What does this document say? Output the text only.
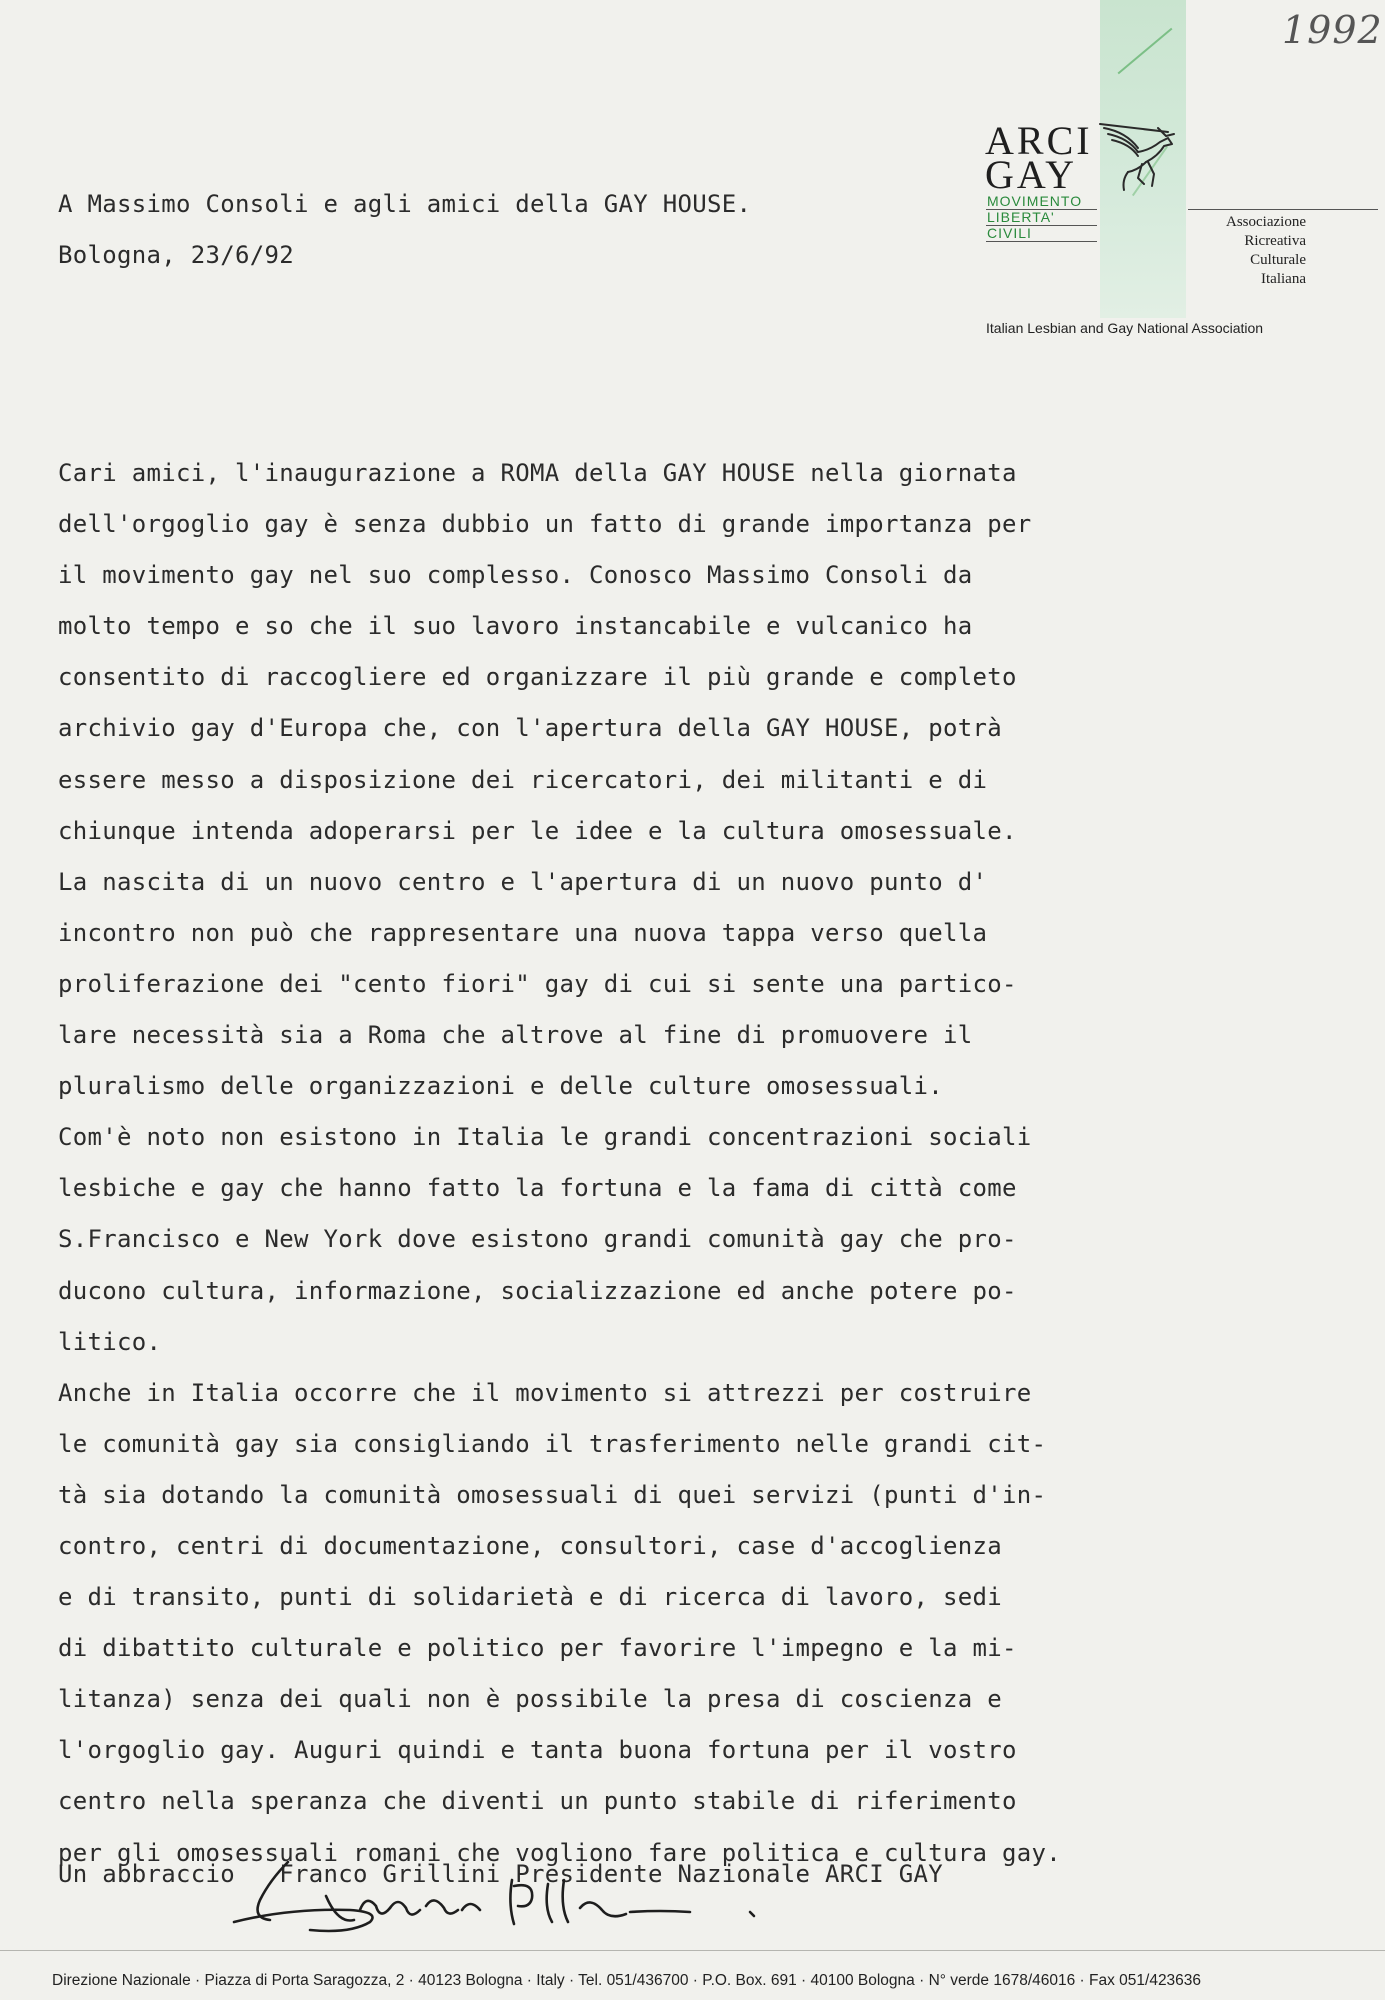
1992
ARCI
GAY
MOVIMENTO
LIBERTA'
CIVILI
Associazione
Ricreativa
Culturale
Italiana
Italian Lesbian and Gay National Association
A Massimo Consoli e agli amici della GAY HOUSE.
Bologna, 23/6/92
Cari amici, l'inaugurazione a ROMA della GAY HOUSE nella giornata
dell'orgoglio gay è senza dubbio un fatto di grande importanza per
il movimento gay nel suo complesso. Conosco Massimo Consoli da
molto tempo e so che il suo lavoro instancabile e vulcanico ha
consentito di raccogliere ed organizzare il più grande e completo
archivio gay d'Europa che, con l'apertura della GAY HOUSE, potrà
essere messo a disposizione dei ricercatori, dei militanti e di
chiunque intenda adoperarsi per le idee e la cultura omosessuale.
La nascita di un nuovo centro e l'apertura di un nuovo punto d'
incontro non può che rappresentare una nuova tappa verso quella
proliferazione dei "cento fiori" gay di cui si sente una partico-
lare necessità sia a Roma che altrove al fine di promuovere il
pluralismo delle organizzazioni e delle culture omosessuali.
Com'è noto non esistono in Italia le grandi concentrazioni sociali
lesbiche e gay che hanno fatto la fortuna e la fama di città come
S.Francisco e New York dove esistono grandi comunità gay che pro-
ducono cultura, informazione, socializzazione ed anche potere po-
litico.
Anche in Italia occorre che il movimento si attrezzi per costruire
le comunità gay sia consigliando il trasferimento nelle grandi cit-
tà sia dotando la comunità omosessuali di quei servizi (punti d'in-
contro, centri di documentazione, consultori, case d'accoglienza
e di transito, punti di solidarietà e di ricerca di lavoro, sedi
di dibattito culturale e politico per favorire l'impegno e la mi-
litanza) senza dei quali non è possibile la presa di coscienza e
l'orgoglio gay. Auguri quindi e tanta buona fortuna per il vostro
centro nella speranza che diventi un punto stabile di riferimento
per gli omosessuali romani che vogliono fare politica e cultura gay.
Un abbraccio   Franco Grillini Presidente Nazionale ARCI GAY
Direzione Nazionale · Piazza di Porta Saragozza, 2 · 40123 Bologna · Italy · Tel. 051/436700 · P.O. Box. 691 · 40100 Bologna · N° verde 1678/46016 · Fax 051/423636
